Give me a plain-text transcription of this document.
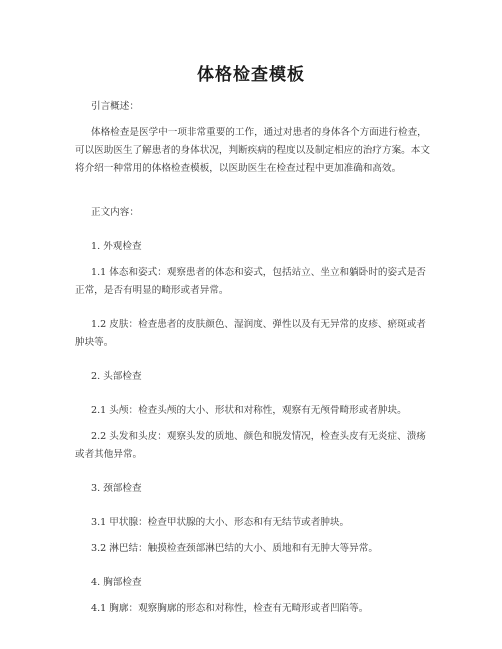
体格检查模板
引言概述：
体格检查是医学中一项非常重要的工作，通过对患者的身体各个方面进行检查，可以医助医生了解患者的身体状况，判断疾病的程度以及制定相应的治疗方案。本文将介绍一种常用的体格检查模板，以医助医生在检查过程中更加准确和高效。
正文内容：
1. 外观检查
1.1 体态和姿式：观察患者的体态和姿式，包括站立、坐立和躺卧时的姿式是否正常，是否有明显的畸形或者异常。
1.2 皮肤：检查患者的皮肤颜色、湿润度、弹性以及有无异常的皮疹、瘀斑或者肿块等。
2. 头部检查
2.1 头颅：检查头颅的大小、形状和对称性，观察有无颅骨畸形或者肿块。
2.2 头发和头皮：观察头发的质地、颜色和脱发情况，检查头皮有无炎症、溃疡或者其他异常。
3. 颈部检查
3.1 甲状腺：检查甲状腺的大小、形态和有无结节或者肿块。
3.2 淋巴结：触摸检查颈部淋巴结的大小、质地和有无肿大等异常。
4. 胸部检查
4.1 胸廓：观察胸廓的形态和对称性，检查有无畸形或者凹陷等。
